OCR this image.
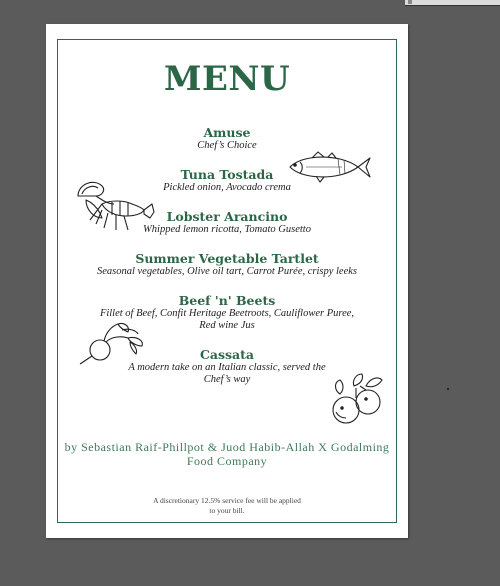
MENU
Amuse
Chef’s Choice
Tuna Tostada
Pickled onion, Avocado crema
Lobster Arancino
Whipped lemon ricotta, Tomato Gusetto
Summer Vegetable Tartlet
Seasonal vegetables, Olive oil tart, Carrot Purée, crispy leeks
Beef 'n' Beets
Fillet of Beef, Confit Heritage Beetroots, Cauliflower Puree,
Red wine Jus
Cassata
A modern take on an Italian classic, served the
Chef’s way
by Sebastian Raif-Phillpot & Juod Habib-Allah X Godalming
Food Company
A discretionary 12.5% service fee will be applied
to your bill.
